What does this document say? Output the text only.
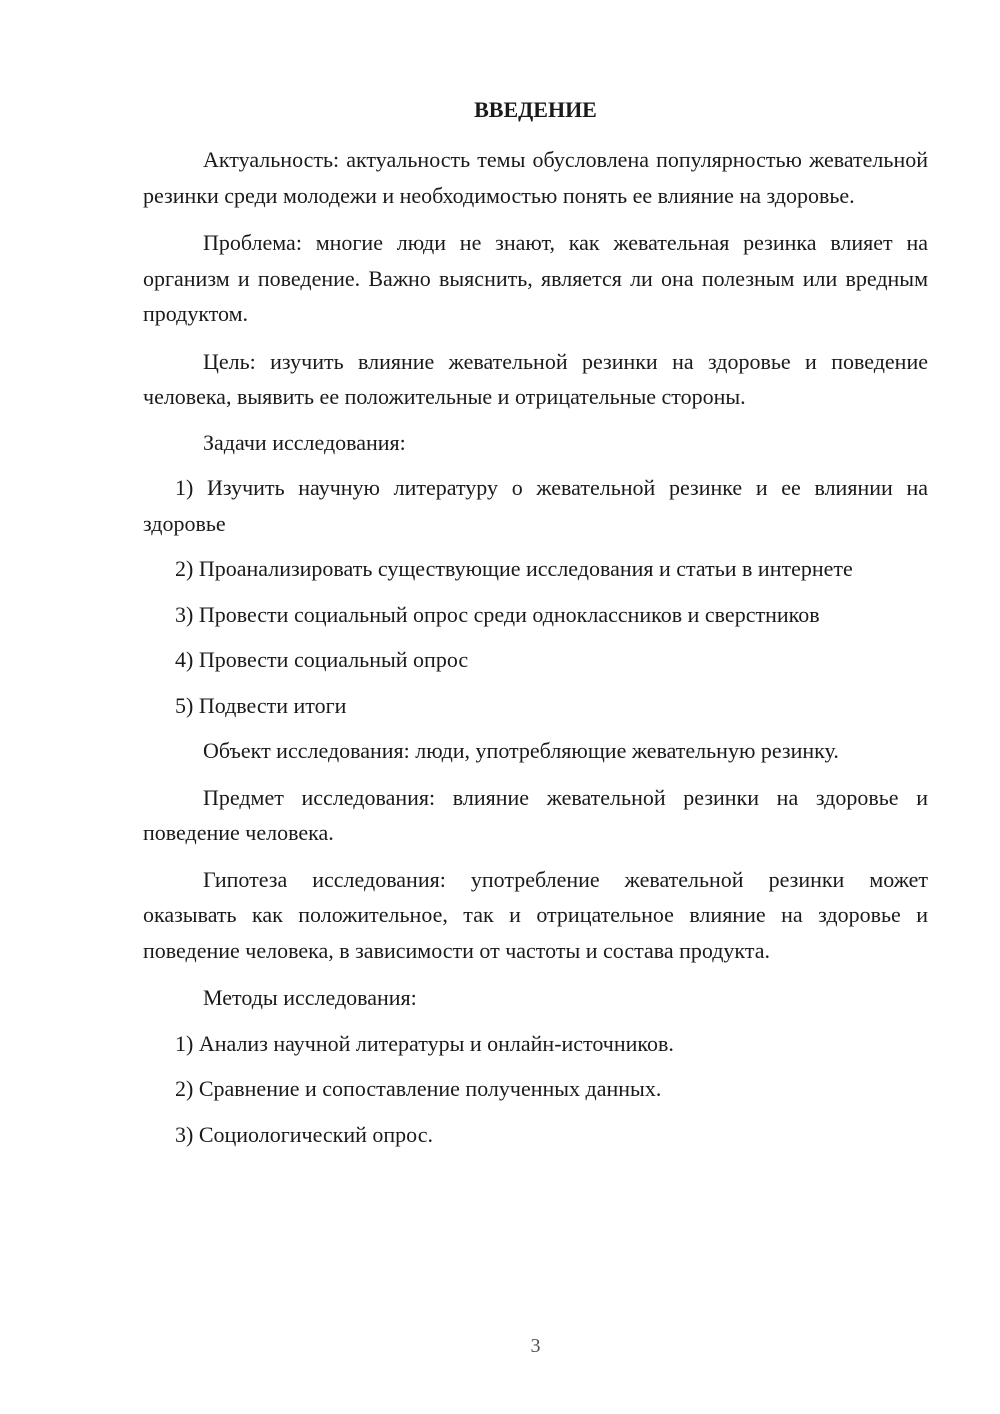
ВВЕДЕНИЕ

Актуальность: актуальность темы обусловлена популярностью жевательной резинки среди молодежи и необходимостью понять ее влияние на здоровье.

Проблема: многие люди не знают, как жевательная резинка влияет на организм и поведение. Важно выяснить, является ли она полезным или вредным продуктом.

Цель: изучить влияние жевательной резинки на здоровье и поведение человека, выявить ее положительные и отрицательные стороны.

Задачи исследования:

1) Изучить научную литературу о жевательной резинке и ее влиянии на здоровье

2) Проанализировать существующие исследования и статьи в интернете

3) Провести социальный опрос среди одноклассников и сверстников

4) Провести социальный опрос

5) Подвести итоги

Объект исследования: люди, употребляющие жевательную резинку.

Предмет исследования: влияние жевательной резинки на здоровье и поведение человека.

Гипотеза исследования: употребление жевательной резинки может оказывать как положительное, так и отрицательное влияние на здоровье и поведение человека, в зависимости от частоты и состава продукта.

Методы исследования:

1) Анализ научной литературы и онлайн-источников.

2) Сравнение и сопоставление полученных данных.

3) Социологический опрос.

3
